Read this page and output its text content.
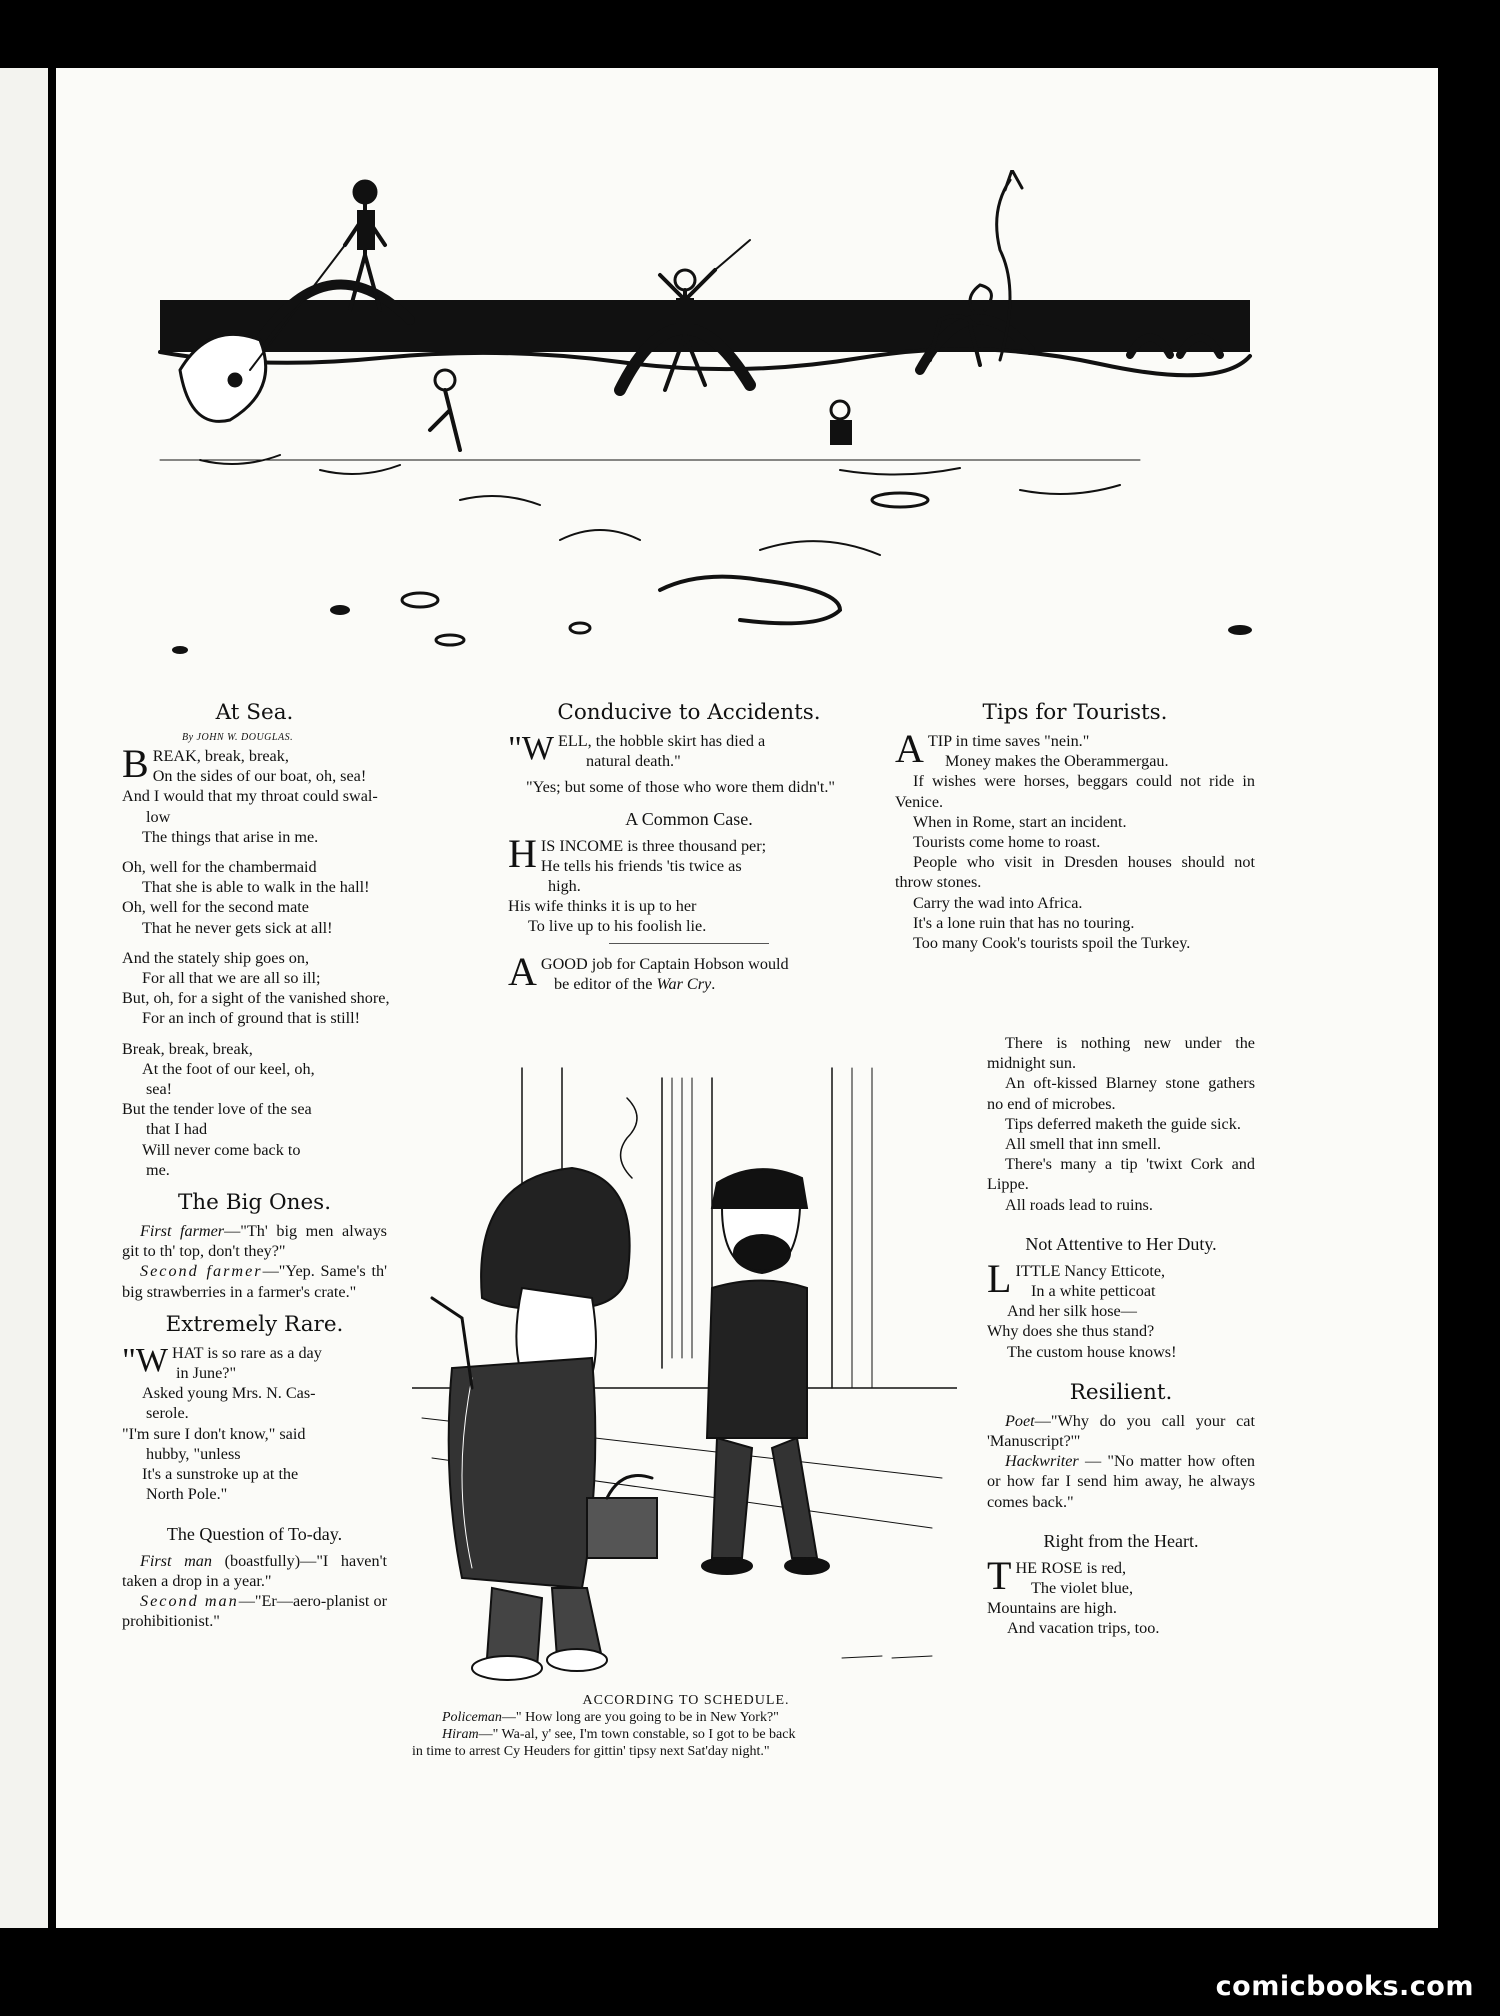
At Sea.

By JOHN W. DOUGLAS.

BREAK, break, break,

On the sides of our boat, oh, sea!

And I would that my throat could swal-

low

The things that arise in me.

Oh, well for the chambermaid

That she is able to walk in the hall!

Oh, well for the second mate

That he never gets sick at all!

And the stately ship goes on,

For all that we are all so ill;

But, oh, for a sight of the vanished shore,

For an inch of ground that is still!

Break, break, break,

At the foot of our keel, oh,

sea!

But the tender love of the sea

that I had

Will never come back to

me.

The Big Ones.

First farmer—"Th' big men always git to th' top, don't they?"

Second farmer—"Yep. Same's th' big strawberries in a farmer's crate."

Extremely Rare.

"WHAT is so rare as a day

in June?"

Asked young Mrs. N. Cas-

serole.

"I'm sure I don't know," said

hubby, "unless

It's a sunstroke up at the

North Pole."

The Question of To-day.

First man (boastfully)—"I haven't taken a drop in a year."

Second man—"Er—aero-planist or prohibitionist."

Conducive to Accidents.

"WELL, the hobble skirt has died a

natural death."

"Yes; but some of those who wore them didn't."

A Common Case.

HIS INCOME is three thousand per;

He tells his friends 'tis twice as

high.

His wife thinks it is up to her

To live up to his foolish lie.

AGOOD job for Captain Hobson would

be editor of the War Cry.

ACCORDING TO SCHEDULE.
Policeman—" How long are you going to be in New York?"
Hiram—" Wa-al, y' see, I'm town constable, so I got to be back
in time to arrest Cy Heuders for gittin' tipsy next Sat'day night."
Tips for Tourists.

ATIP in time saves "nein."

Money makes the Oberammergau.

If wishes were horses, beggars could not ride in Venice.

When in Rome, start an incident.

Tourists come home to roast.

People who visit in Dresden houses should not throw stones.

Carry the wad into Africa.

It's a lone ruin that has no touring.

Too many Cook's tourists spoil the Turkey.

There is nothing new under the midnight sun.

An oft-kissed Blarney stone gathers no end of microbes.

Tips deferred maketh the guide sick.

All smell that inn smell.

There's many a tip 'twixt Cork and Lippe.

All roads lead to ruins.

Not Attentive to Her Duty.

LITTLE Nancy Etticote,

In a white petticoat

And her silk hose—

Why does she thus stand?

The custom house knows!

Resilient.

Poet—"Why do you call your cat 'Manuscript?'"

Hackwriter — "No matter how often or how far I send him away, he always comes back."

Right from the Heart.

THE ROSE is red,

The violet blue,

Mountains are high.

And vacation trips, too.

comicbooks.com
